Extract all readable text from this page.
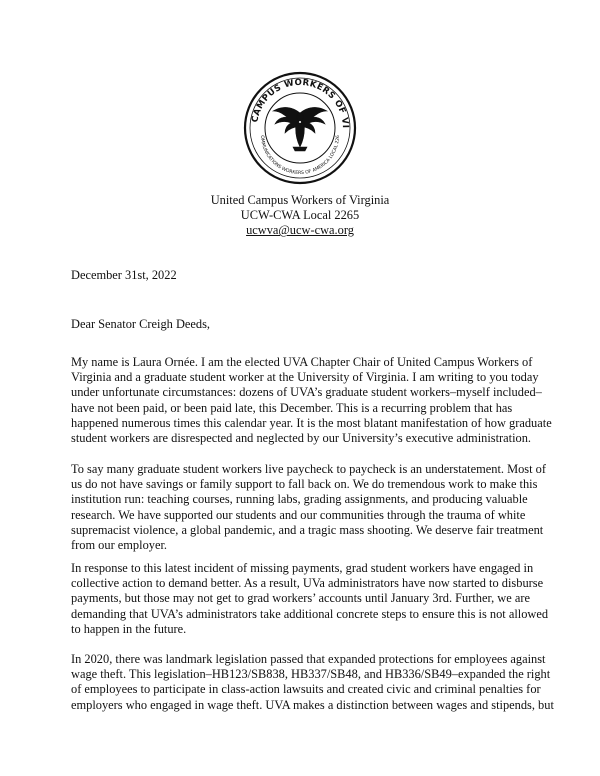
CAMPUS WORKERS OF VI
OMMUNICATIONS WORKERS OF AMERICA LOCAL 226
United Campus Workers of Virginia
UCW-CWA Local 2265
ucwva@ucw-cwa.org
December 31st, 2022
Dear Senator Creigh Deeds,
My name is Laura Ornée. I am the elected UVA Chapter Chair of United Campus Workers of
Virginia and a graduate student worker at the University of Virginia. I am writing to you today
under unfortunate circumstances: dozens of UVA’s graduate student workers–myself included–
have not been paid, or been paid late, this December. This is a recurring problem that has
happened numerous times this calendar year. It is the most blatant manifestation of how graduate
student workers are disrespected and neglected by our University’s executive administration.
To say many graduate student workers live paycheck to paycheck is an understatement. Most of
us do not have savings or family support to fall back on. We do tremendous work to make this
institution run: teaching courses, running labs, grading assignments, and producing valuable
research. We have supported our students and our communities through the trauma of white
supremacist violence, a global pandemic, and a tragic mass shooting. We deserve fair treatment
from our employer.
In response to this latest incident of missing payments, grad student workers have engaged in
collective action to demand better. As a result, UVa administrators have now started to disburse
payments, but those may not get to grad workers’ accounts until January 3rd. Further, we are
demanding that UVA’s administrators take additional concrete steps to ensure this is not allowed
to happen in the future.
In 2020, there was landmark legislation passed that expanded protections for employees against
wage theft. This legislation–HB123/SB838, HB337/SB48, and HB336/SB49–expanded the right
of employees to participate in class-action lawsuits and created civic and criminal penalties for
employers who engaged in wage theft. UVA makes a distinction between wages and stipends, but
